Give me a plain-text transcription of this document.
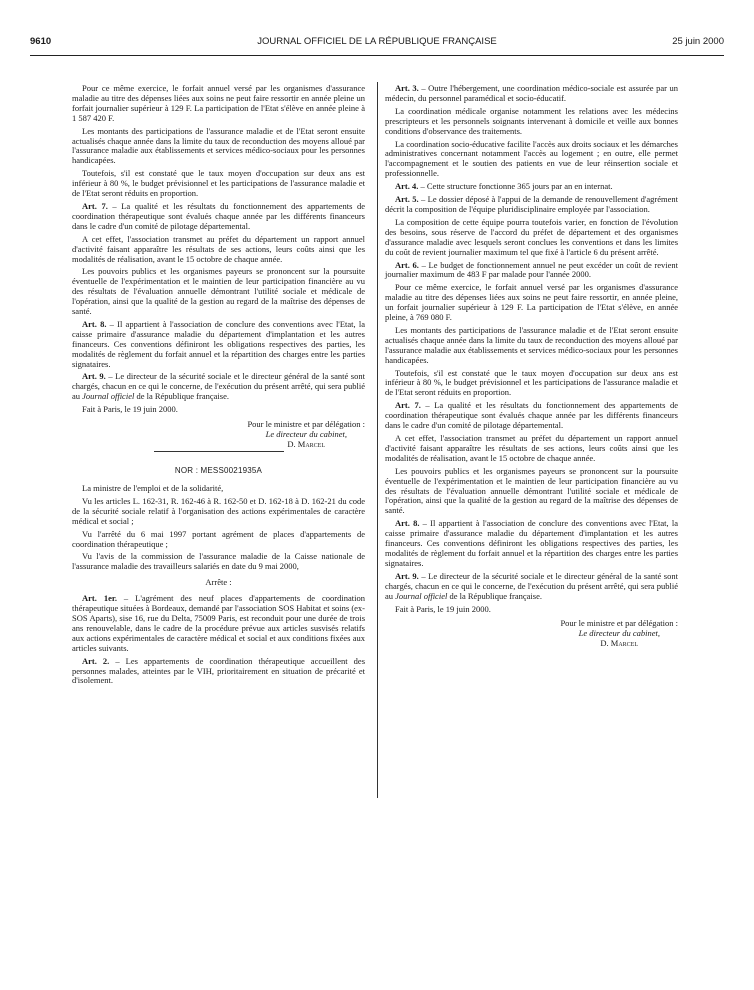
9610	JOURNAL OFFICIEL DE LA RÉPUBLIQUE FRANÇAISE	25 juin 2000

Pour ce même exercice, le forfait annuel versé par les organismes d'assurance maladie au titre des dépenses liées aux soins ne peut faire ressortir en année pleine un forfait journalier supérieur à 129 F. La participation de l'Etat s'élève en année pleine à 1 587 420 F.

Les montants des participations de l'assurance maladie et de l'Etat seront ensuite actualisés chaque année dans la limite du taux de reconduction des moyens alloué par l'assurance maladie aux établissements et services médico-sociaux pour les personnes handicapées.

Toutefois, s'il est constaté que le taux moyen d'occupation sur deux ans est inférieur à 80 %, le budget prévisionnel et les participations de l'assurance maladie et de l'Etat seront réduits en proportion.

Art. 7. – La qualité et les résultats du fonctionnement des appartements de coordination thérapeutique sont évalués chaque année par les différents financeurs dans le cadre d'un comité de pilotage départemental.

A cet effet, l'association transmet au préfet du département un rapport annuel d'activité faisant apparaître les résultats de ses actions, leurs coûts ainsi que les modalités de réalisation, avant le 15 octobre de chaque année.

Les pouvoirs publics et les organismes payeurs se prononcent sur la poursuite éventuelle de l'expérimentation et le maintien de leur participation financière au vu des résultats de l'évaluation annuelle démontrant l'utilité sociale et médicale de l'opération, ainsi que la qualité de la gestion au regard de la maîtrise des dépenses de santé.

Art. 8. – Il appartient à l'association de conclure des conventions avec l'Etat, la caisse primaire d'assurance maladie du département d'implantation et les autres financeurs. Ces conventions définiront les obligations respectives des parties, les modalités de règlement du forfait annuel et la répartition des charges entre les parties signataires.

Art. 9. – Le directeur de la sécurité sociale et le directeur général de la santé sont chargés, chacun en ce qui le concerne, de l'exécution du présent arrêté, qui sera publié au Journal officiel de la République française.

Fait à Paris, le 19 juin 2000.

Pour le ministre et par délégation :
Le directeur du cabinet,
D. Marcel
NOR : MESS0021935A

La ministre de l'emploi et de la solidarité,

Vu les articles L. 162-31, R. 162-46 à R. 162-50 et D. 162-18 à D. 162-21 du code de la sécurité sociale relatif à l'organisation des actions expérimentales de caractère médical et social ;

Vu l'arrêté du 6 mai 1997 portant agrément de places d'appartements de coordination thérapeutique ;

Vu l'avis de la commission de l'assurance maladie de la Caisse nationale de l'assurance maladie des travailleurs salariés en date du 9 mai 2000,

Arrête :

Art. 1er. – L'agrément des neuf places d'appartements de coordination thérapeutique situées à Bordeaux, demandé par l'association SOS Habitat et soins (ex-SOS Aparts), sise 16, rue du Delta, 75009 Paris, est reconduit pour une durée de trois ans renouvelable, dans le cadre de la procédure prévue aux articles susvisés relatifs aux actions expérimentales de caractère médical et social et aux conditions fixées aux articles suivants.

Art. 2. – Les appartements de coordination thérapeutique accueillent des personnes malades, atteintes par le VIH, prioritairement en situation de précarité et d'isolement.

Art. 3. – Outre l'hébergement, une coordination médico-sociale est assurée par un médecin, du personnel paramédical et socio-éducatif.

La coordination médicale organise notamment les relations avec les médecins prescripteurs et les personnels soignants intervenant à domicile et veille aux bonnes conditions d'observance des traitements.

La coordination socio-éducative facilite l'accès aux droits sociaux et les démarches administratives concernant notamment l'accès au logement ; en outre, elle permet l'accompagnement et le soutien des patients en vue de leur réinsertion sociale et professionnelle.

Art. 4. – Cette structure fonctionne 365 jours par an en internat.

Art. 5. – Le dossier déposé à l'appui de la demande de renouvellement d'agrément décrit la composition de l'équipe pluridisciplinaire employée par l'association.

La composition de cette équipe pourra toutefois varier, en fonction de l'évolution des besoins, sous réserve de l'accord du préfet de département et des organismes d'assurance maladie avec lesquels seront conclues les conventions et dans les limites du coût de revient journalier maximum tel que fixé à l'article 6 du présent arrêté.

Art. 6. – Le budget de fonctionnement annuel ne peut excéder un coût de revient journalier maximum de 483 F par malade pour l'année 2000.

Pour ce même exercice, le forfait annuel versé par les organismes d'assurance maladie au titre des dépenses liées aux soins ne peut faire ressortir, en année pleine, un forfait journalier supérieur à 129 F. La participation de l'Etat s'élève, en année pleine, à 769 080 F.

Les montants des participations de l'assurance maladie et de l'Etat seront ensuite actualisés chaque année dans la limite du taux de reconduction des moyens alloué par l'assurance maladie aux établissements et services médico-sociaux pour les personnes handicapées.

Toutefois, s'il est constaté que le taux moyen d'occupation sur deux ans est inférieur à 80 %, le budget prévisionnel et les participations de l'assurance maladie et de l'Etat seront réduits en proportion.

Art. 7. – La qualité et les résultats du fonctionnement des appartements de coordination thérapeutique sont évalués chaque année par les différents financeurs dans le cadre d'un comité de pilotage départemental.

A cet effet, l'association transmet au préfet du département un rapport annuel d'activité faisant apparaître les résultats de ses actions, leurs coûts ainsi que les modalités de réalisation, avant le 15 octobre de chaque année.

Les pouvoirs publics et les organismes payeurs se prononcent sur la poursuite éventuelle de l'expérimentation et le maintien de leur participation financière au vu des résultats de l'évaluation annuelle démontrant l'utilité sociale et médicale de l'opération, ainsi que la qualité de la gestion au regard de la maîtrise des dépenses de santé.

Art. 8. – Il appartient à l'association de conclure des conventions avec l'Etat, la caisse primaire d'assurance maladie du département d'implantation et les autres financeurs. Ces conventions définiront les obligations respectives des parties, les modalités de règlement du forfait annuel et la répartition des charges entre les parties signataires.

Art. 9. – Le directeur de la sécurité sociale et le directeur général de la santé sont chargés, chacun en ce qui le concerne, de l'exécution du présent arrêté, qui sera publié au Journal officiel de la République française.

Fait à Paris, le 19 juin 2000.

Pour le ministre et par délégation :
Le directeur du cabinet,
D. Marcel
